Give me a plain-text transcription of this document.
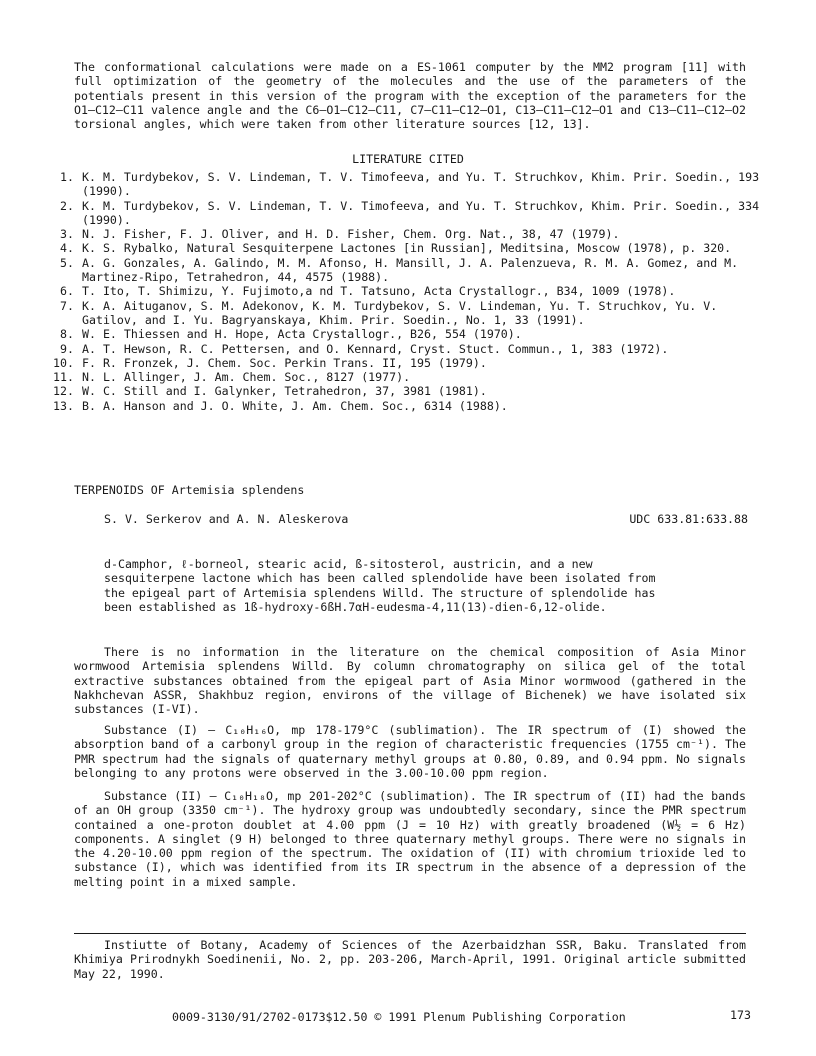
The conformational calculations were made on a ES-1061 computer by the MM2 program [11] with full optimization of the geometry of the molecules and the use of the parameters of the potentials present in this version of the program with the exception of the parameters for the O1—C12—C11 valence angle and the C6—O1—C12—C11, C7—C11—C12—O1, C13—C11—C12—O1 and C13—C11—C12—O2 torsional angles, which were taken from other literature sources [12, 13].

LITERATURE CITED
1. K. M. Turdybekov, S. V. Lindeman, T. V. Timofeeva, and Yu. T. Struchkov, Khim. Prir. Soedin., 193 (1990).
2. K. M. Turdybekov, S. V. Lindeman, T. V. Timofeeva, and Yu. T. Struchkov, Khim. Prir. Soedin., 334 (1990).
3. N. J. Fisher, F. J. Oliver, and H. D. Fisher, Chem. Org. Nat., 38, 47 (1979).
4. K. S. Rybalko, Natural Sesquiterpene Lactones [in Russian], Meditsina, Moscow (1978), p. 320.
5. A. G. Gonzales, A. Galindo, M. M. Afonso, H. Mansill, J. A. Palenzueva, R. M. A. Gomez, and M. Martinez-Ripo, Tetrahedron, 44, 4575 (1988).
6. T. Ito, T. Shimizu, Y. Fujimoto,a nd T. Tatsuno, Acta Crystallogr., B34, 1009 (1978).
7. K. A. Aituganov, S. M. Adekonov, K. M. Turdybekov, S. V. Lindeman, Yu. T. Struchkov, Yu. V. Gatilov, and I. Yu. Bagryanskaya, Khim. Prir. Soedin., No. 1, 33 (1991).
8. W. E. Thiessen and H. Hope, Acta Crystallogr., B26, 554 (1970).
9. A. T. Hewson, R. C. Pettersen, and O. Kennard, Cryst. Stuct. Commun., 1, 383 (1972).
10. F. R. Fronzek, J. Chem. Soc. Perkin Trans. II, 195 (1979).
11. N. L. Allinger, J. Am. Chem. Soc., 8127 (1977).
12. W. C. Still and I. Galynker, Tetrahedron, 37, 3981 (1981).
13. B. A. Hanson and J. O. White, J. Am. Chem. Soc., 6314 (1988).
TERPENOIDS OF Artemisia splendens
S. V. Serkerov and A. N. Aleskerova	UDC 633.81:633.88

d-Camphor, ℓ-borneol, stearic acid, ß-sitosterol, austricin, and a new sesquiterpene lactone which has been called splendolide have been isolated from the epigeal part of Artemisia splendens Willd. The structure of splendolide has been established as 1ß-hydroxy-6ßH.7αH-eudesma-4,11(13)-dien-6,12-olide.

There is no information in the literature on the chemical composition of Asia Minor wormwood Artemisia splendens Willd. By column chromatography on silica gel of the total extractive substances obtained from the epigeal part of Asia Minor wormwood (gathered in the Nakhchevan ASSR, Shakhbuz region, environs of the village of Bichenek) we have isolated six substances (I-VI).

Substance (I) — C₁₀H₁₆O, mp 178-179°C (sublimation). The IR spectrum of (I) showed the absorption band of a carbonyl group in the region of characteristic frequencies (1755 cm⁻¹). The PMR spectrum had the signals of quaternary methyl groups at 0.80, 0.89, and 0.94 ppm. No signals belonging to any protons were observed in the 3.00-10.00 ppm region.

Substance (II) — C₁₀H₁₈O, mp 201-202°C (sublimation). The IR spectrum of (II) had the bands of an OH group (3350 cm⁻¹). The hydroxy group was undoubtedly secondary, since the PMR spectrum contained a one-proton doublet at 4.00 ppm (J = 10 Hz) with greatly broadened (W½ = 6 Hz) components. A singlet (9 H) belonged to three quaternary methyl groups. There were no signals in the 4.20-10.00 ppm region of the spectrum. The oxidation of (II) with chromium trioxide led to substance (I), which was identified from its IR spectrum in the absence of a depression of the melting point in a mixed sample.

Instiutte of Botany, Academy of Sciences of the Azerbaidzhan SSR, Baku. Translated from Khimiya Prirodnykh Soedinenii, No. 2, pp. 203-206, March-April, 1991. Original article submitted May 22, 1990.

0009-3130/91/2702-0173$12.50 © 1991 Plenum Publishing Corporation	173
